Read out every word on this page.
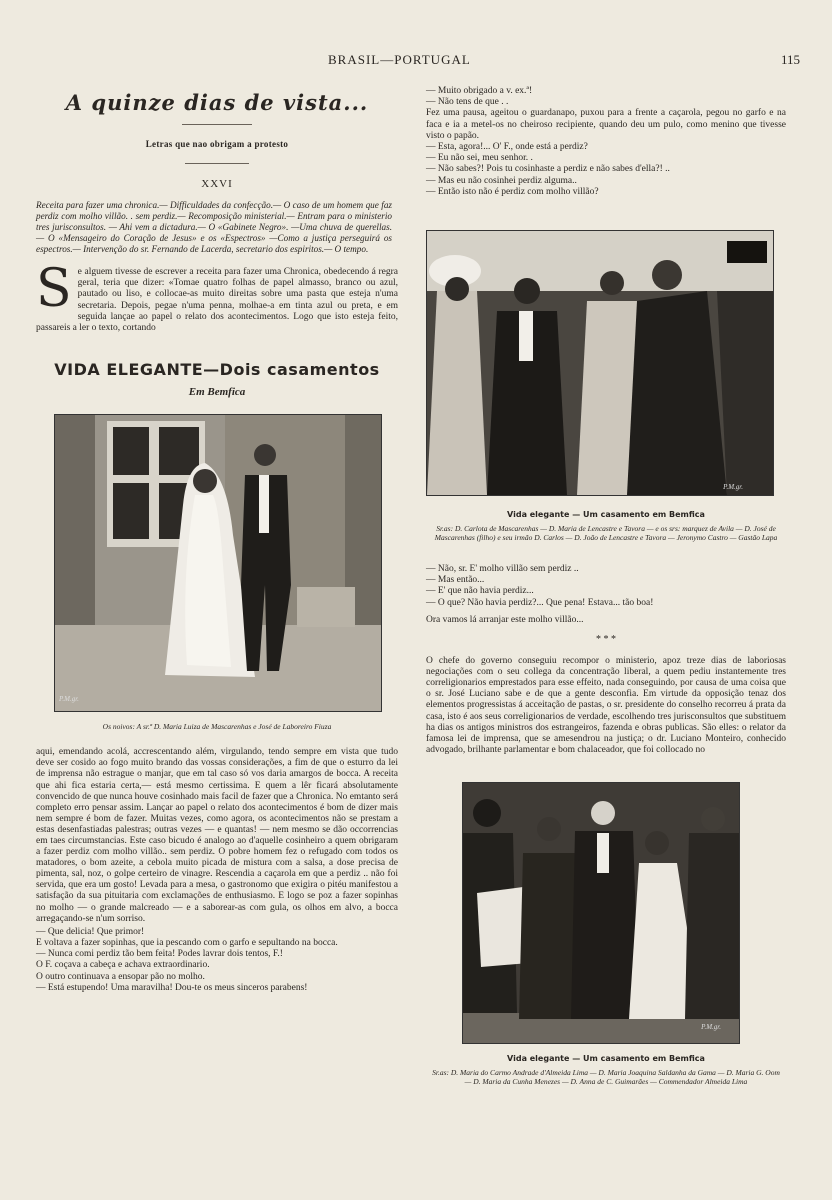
BRASIL—PORTUGAL	115
A quinze dias de vista...
Letras que nao obrigam a protesto
XXVI
Receita para fazer uma chronica.— Difficuldades da confecção.— O caso de um homem que faz perdiz com molho villão. . sem perdiz.— Recomposição ministerial.— Entram para o ministerio tres jurisconsultos. — Ahi vem a dictadura.— O «Gabinete Negro». —Uma chuva de querellas.— O «Mensageiro do Coração de Jesus» e os «Espectros» —Como a justiça perseguirá os espectros.— Intervenção do sr. Fernando de Lacerda, secretario dos espiritos.— O tempo.
S e alguem tivesse de escrever a receita para fazer uma Chronica, obedecendo á regra geral, teria que dizer: «Tomae quatro folhas de papel almasso, branco ou azul, pautado ou liso, e collocae-as muito direitas sobre uma pasta que esteja n'uma secretaria. Depois, pegae n'uma penna, molhae-a em tinta azul ou preta, e em seguida lançae ao papel o relato dos acontecimentos. Logo que isto esteja feito, passareis a ler o texto, cortando
VIDA ELEGANTE—Dois casamentos
Em Bemfica
P.M.gr.
Os noivos: A sr.ª D. Maria Luiza de Mascarenhas e José de Laboreiro Fiuza
aqui, emendando acolá, accrescentando além, virgulando, tendo sempre em vista que tudo deve ser cosido ao fogo muito brando das vossas considerações, a fim de que o esturro da lei de imprensa não estrague o manjar, que em tal caso só vos daria amargos de bocca. A receita que ahi fica estaria certa,— está mesmo certissima. E quem a lêr ficará absolutamente convencido de que nunca houve cosinhado mais facil de fazer que a Chronica. No emtanto será completo erro pensar assim. Lançar ao papel o relato dos acontecimentos é bom de dizer mais nem sempre é bom de fazer. Muitas vezes, como agora, os acontecimentos não se prestam a estas desenfastiadas palestras; outras vezes — e quantas! — nem mesmo se dão occorrencias em taes circumstancias. Este caso bicudo é analogo ao d'aquelle cosinheiro a quem obrigaram a fazer perdiz com molho villão.. sem perdiz. O pobre homem fez o refugado com todos os matadores, o bom azeite, a cebola muito picada de mistura com a salsa, a dose precisa de pimenta, sal, noz, o golpe certeiro de vinagre. Rescendia a caçarola em que a perdiz .. não foi servida, que era um gosto! Levada para a mesa, o gastronomo que exigira o pitéu manifestou a satisfação da sua pituitaria com exclamações de enthusiasmo. E logo se poz a fazer sopinhas no molho — o grande malcreado — e a saborear-as com gula, os olhos em alvo, a bocca arregaçando-se n'um sorriso.

— Que delicia! Que primor!

E voltava a fazer sopinhas, que ia pescando com o garfo e sepultando na bocca.

— Nunca comi perdiz tão bem feita! Podes lavrar dois tentos, F.!

O F. coçava a cabeça e achava extraordinario.

O outro continuava a ensopar pão no molho.

— Está estupendo! Uma maravilha! Dou-te os meus sinceros parabens!

— Muito obrigado a v. ex.ª!

— Não tens de que . .

Fez uma pausa, ageitou o guardanapo, puxou para a frente a caçarola, pegou no garfo e na faca e ia a metel-os no cheiroso recipiente, quando deu um pulo, como menino que tivesse visto o papão.

— Esta, agora!... O' F., onde está a perdiz?

— Eu não sei, meu senhor. .

— Não sabes?! Pois tu cosinhaste a perdiz e não sabes d'ella?! ..

— Mas eu não cosinhei perdiz alguma..

— Então isto não é perdiz com molho villão?

P.M.gr.
Vida elegante — Um casamento em Bemfica
Sr.as: D. Carlota de Mascarenhas — D. Maria de Lencastre e Tavora — e os srs: marquez de Avila — D. José de Mascarenhas (filho) e seu irmão D. Carlos — D. João de Lencastre e Tavora — Jeronymo Castro — Gastão Lapa

— Não, sr. E' molho villão sem perdiz ..

— Mas então...

— E' que não havia perdiz...

— O que? Não havia perdiz?... Que pena! Estava... tão boa!

Ora vamos lá arranjar este molho villão...

* * *
O chefe do governo conseguiu recompor o ministerio, apoz treze dias de laboriosas negociações com o seu collega da concentração liberal, a quem pediu instantemente tres correligionarios emprestados para esse effeito, nada conseguindo, por causa de uma coisa que o sr. José Luciano sabe e de que a gente desconfia. Em virtude da opposição tenaz dos elementos progressistas á acceitação de pastas, o sr. presidente do conselho recorreu á prata da casa, isto é aos seus correligionarios de verdade, escolhendo tres jurisconsultos que substituem ha dias os antigos ministros dos estrangeiros, fazenda e obras publicas. São elles: o relator da famosa lei de imprensa, que se amesendrou na justiça; o dr. Luciano Monteiro, conhecido advogado, brilhante parlamentar e bom chalaceador, que foi collocado no
P.M.gr.
Vida elegante — Um casamento em Bemfica
Sr.as: D. Maria do Carmo Andrade d'Almeida Lima — D. Maria Joaquina Saldanha da Gama — D. Maria G. Oom — D. Maria da Cunha Menezes — D. Anna de C. Guimarães — Commendador Almeida Lima
